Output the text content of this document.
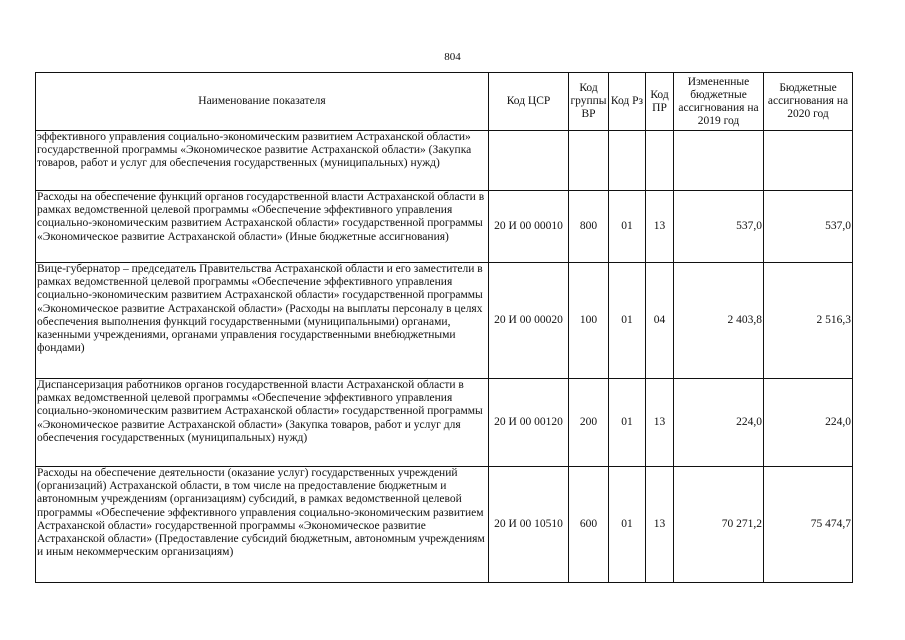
804
Наименование показателя	Код ЦСР	Код группы ВР	Код Рз	Код ПР	Измененные бюджетные ассигнования на 2019 год	Бюджетные ассигнования на 2020 год
эффективного управления социально-экономическим развитием Астраханской области» государственной программы «Экономическое развитие Астраханской области» (Закупка товаров, работ и услуг для обеспечения государственных (муниципальных) нужд)						
Расходы на обеспечение функций органов государственной власти Астраханской области в рамках ведомственной целевой программы «Обеспечение эффективного управления социально-экономическим развитием Астраханской области» государственной программы «Экономическое развитие Астраханской области» (Иные бюджетные ассигнования)	20 И 00 00010	800	01	13	537,0	537,0
Вице-губернатор – председатель Правительства Астраханской области и его заместители в рамках ведомственной целевой программы «Обеспечение эффективного управления социально-экономическим развитием Астраханской области» государственной программы «Экономическое развитие Астраханской области» (Расходы на выплаты персоналу в целях обеспечения выполнения функций государственными (муниципальными) органами, казенными учреждениями, органами управления государственными внебюджетными фондами)	20 И 00 00020	100	01	04	2 403,8	2 516,3
Диспансеризация работников органов государственной власти Астраханской области в рамках ведомственной целевой программы «Обеспечение эффективного управления социально-экономическим развитием Астраханской области» государственной программы «Экономическое развитие Астраханской области» (Закупка товаров, работ и услуг для обеспечения государственных (муниципальных) нужд)	20 И 00 00120	200	01	13	224,0	224,0
Расходы на обеспечение деятельности (оказание услуг) государственных учреждений (организаций) Астраханской области, в том числе на предоставление бюджетным и автономным учреждениям (организациям) субсидий, в рамках ведомственной целевой программы «Обеспечение эффективного управления социально-экономическим развитием Астраханской области» государственной программы «Экономическое развитие Астраханской области» (Предоставление субсидий бюджетным, автономным учреждениям и иным некоммерческим организациям)	20 И 00 10510	600	01	13	70 271,2	75 474,7
